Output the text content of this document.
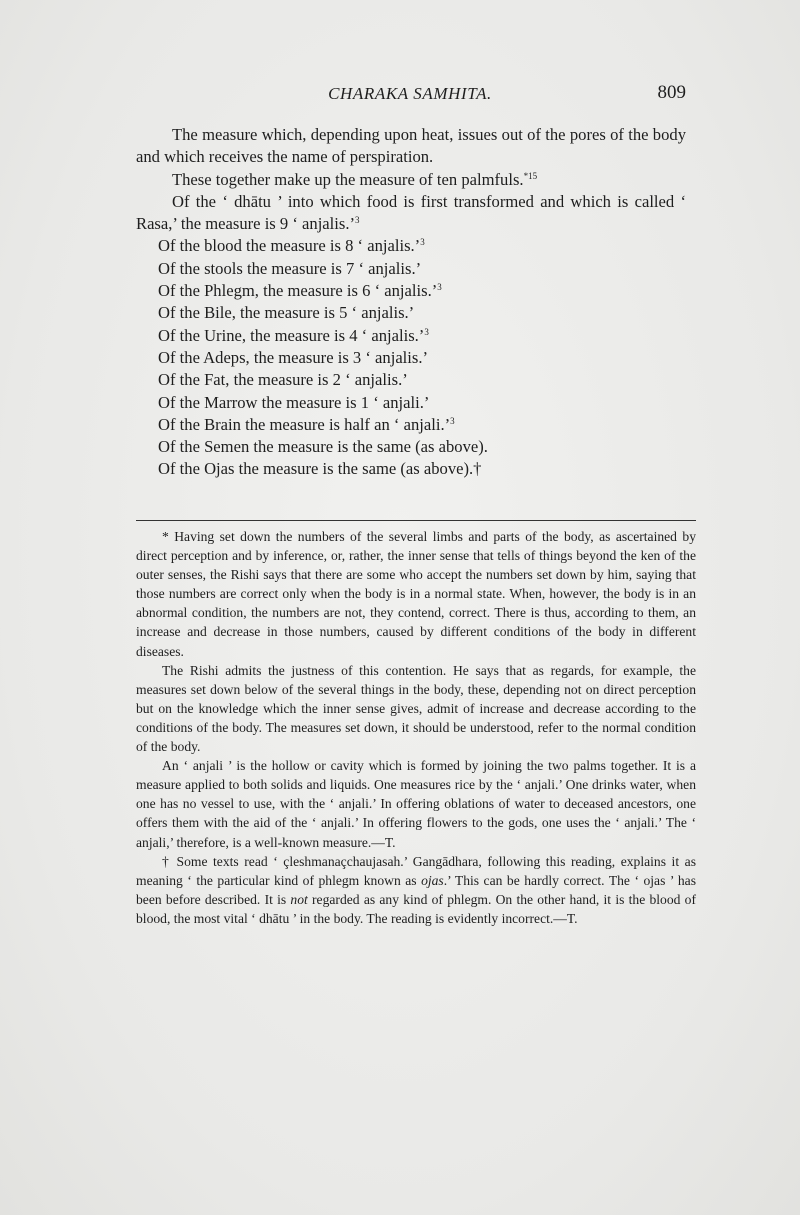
CHARAKA SAMHITA.	809

The measure which, depending upon heat, issues out of the pores of the body and which receives the name of perspiration.

These together make up the measure of ten palmfuls.$^{*15}$

Of the ‘ dhātu ’ into which food is first transformed and which is called ‘ Rasa,’ the measure is 9 ‘ anjalis.’$^3$

Of the blood the measure is 8 ‘ anjalis.’$^3$

Of the stools the measure is 7 ‘ anjalis.’

Of the Phlegm, the measure is 6 ‘ anjalis.’$^3$

Of the Bile, the measure is 5 ‘ anjalis.’

Of the Urine, the measure is 4 ‘ anjalis.’$^3$

Of the Adeps, the measure is 3 ‘ anjalis.’

Of the Fat, the measure is 2 ‘ anjalis.’

Of the Marrow the measure is 1 ‘ anjali.’

Of the Brain the measure is half an ‘ anjali.’$^3$

Of the Semen the measure is the same (as above).

Of the Ojas the measure is the same (as above).†

* Having set down the numbers of the several limbs and parts of the body, as ascertained by direct perception and by inference, or, rather, the inner sense that tells of things beyond the ken of the outer senses, the Rishi says that there are some who accept the numbers set down by him, saying that those numbers are correct only when the body is in a normal state. When, however, the body is in an abnormal condition, the numbers are not, they contend, correct. There is thus, according to them, an increase and decrease in those numbers, caused by different conditions of the body in different diseases.

The Rishi admits the justness of this contention. He says that as regards, for example, the measures set down below of the several things in the body, these, depending not on direct perception but on the knowledge which the inner sense gives, admit of increase and decrease according to the conditions of the body. The measures set down, it should be understood, refer to the normal condition of the body.

An ‘ anjali ’ is the hollow or cavity which is formed by joining the two palms together. It is a measure applied to both solids and liquids. One measures rice by the ‘ anjali.’ One drinks water, when one has no vessel to use, with the ‘ anjali.’ In offering oblations of water to deceased ancestors, one offers them with the aid of the ‘ anjali.’ In offering flowers to the gods, one uses the ‘ anjali.’ The ‘ anjali,’ therefore, is a well-known measure.—T.

† Some texts read ‘ çleshmanaçchaujasah.’ Gangādhara, following this reading, explains it as meaning ‘ the particular kind of phlegm known as ojas.’ This can be hardly correct. The ‘ ojas ’ has been before described. It is not regarded as any kind of phlegm. On the other hand, it is the blood of blood, the most vital ‘ dhātu ’ in the body. The reading is evidently incorrect.—T.
